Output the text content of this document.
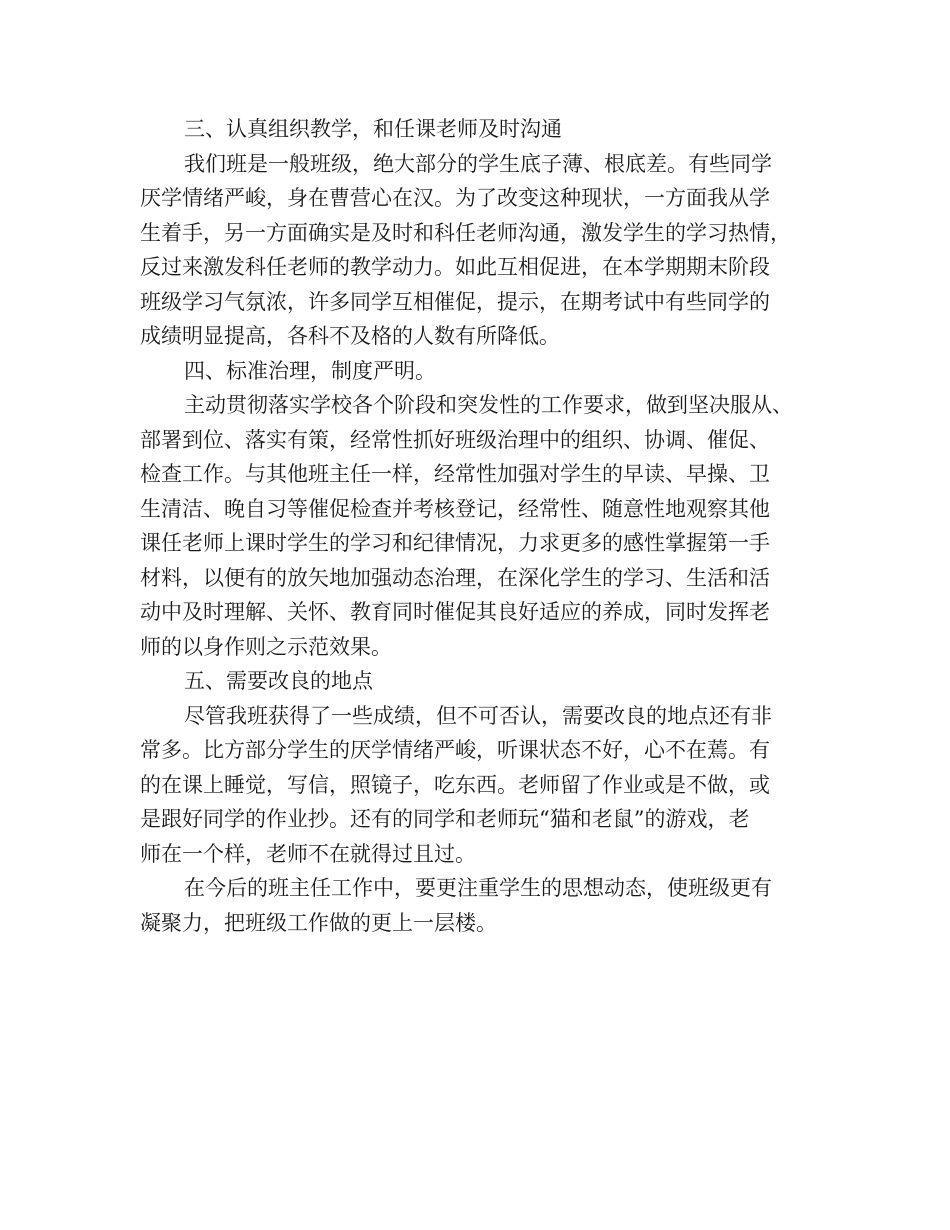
三、认真组织教学，和任课老师及时沟通
我们班是一般班级，绝大部分的学生底子薄、根底差。有些同学
厌学情绪严峻，身在曹营心在汉。为了改变这种现状，一方面我从学
生着手，另一方面确实是及时和科任老师沟通，激发学生的学习热情，
反过来激发科任老师的教学动力。如此互相促进，在本学期期末阶段
班级学习气氛浓，许多同学互相催促，提示，在期考试中有些同学的
成绩明显提高，各科不及格的人数有所降低。
四、标准治理，制度严明。
主动贯彻落实学校各个阶段和突发性的工作要求，做到坚决服从、
部署到位、落实有策，经常性抓好班级治理中的组织、协调、催促、
检查工作。与其他班主任一样，经常性加强对学生的早读、早操、卫
生清洁、晚自习等催促检查并考核登记，经常性、随意性地观察其他
课任老师上课时学生的学习和纪律情况，力求更多的感性掌握第一手
材料，以便有的放矢地加强动态治理，在深化学生的学习、生活和活
动中及时理解、关怀、教育同时催促其良好适应的养成，同时发挥老
师的以身作则之示范效果。
五、需要改良的地点
尽管我班获得了一些成绩，但不可否认，需要改良的地点还有非
常多。比方部分学生的厌学情绪严峻，听课状态不好，心不在蔫。有
的在课上睡觉，写信，照镜子，吃东西。老师留了作业或是不做，或
是跟好同学的作业抄。还有的同学和老师玩“猫和老鼠”的游戏，老
师在一个样，老师不在就得过且过。
在今后的班主任工作中，要更注重学生的思想动态，使班级更有
凝聚力，把班级工作做的更上一层楼。
